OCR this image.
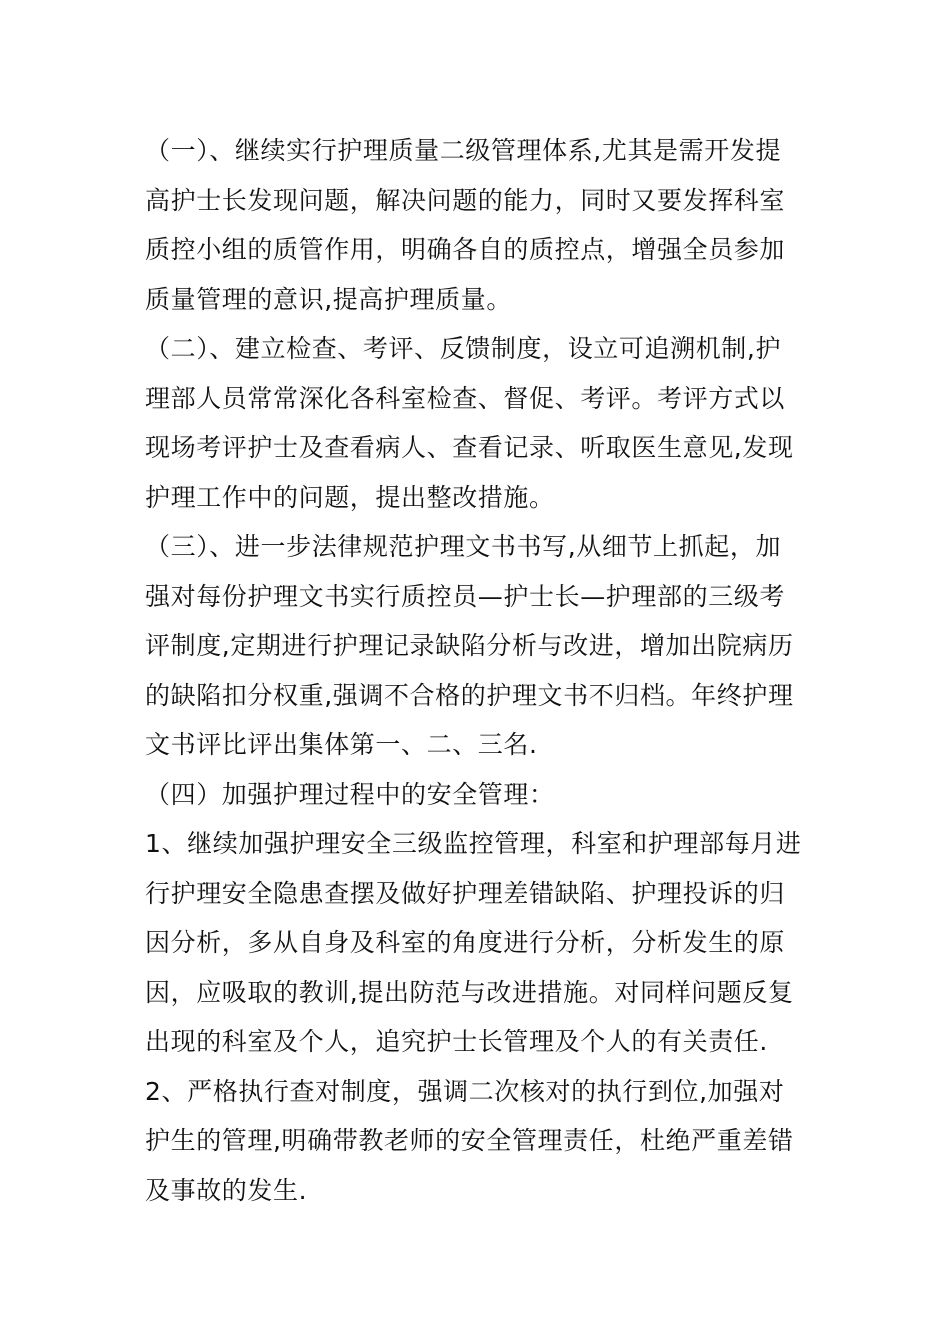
（一）、继续实行护理质量二级管理体系,尤其是需开发提高护士长发现问题，解决问题的能力，同时又要发挥科室质控小组的质管作用，明确各自的质控点，增强全员参加质量管理的意识,提高护理质量。

（二）、建立检查、考评、反馈制度，设立可追溯机制,护理部人员常常深化各科室检查、督促、考评。考评方式以现场考评护士及查看病人、查看记录、听取医生意见,发现护理工作中的问题，提出整改措施。

（三）、进一步法律规范护理文书书写,从细节上抓起，加强对每份护理文书实行质控员—护士长—护理部的三级考评制度,定期进行护理记录缺陷分析与改进，增加出院病历的缺陷扣分权重,强调不合格的护理文书不归档。年终护理文书评比评出集体第一、二、三名.

（四）加强护理过程中的安全管理：

1、继续加强护理安全三级监控管理，科室和护理部每月进行护理安全隐患查摆及做好护理差错缺陷、护理投诉的归因分析，多从自身及科室的角度进行分析，分析发生的原因，应吸取的教训,提出防范与改进措施。对同样问题反复出现的科室及个人，追究护士长管理及个人的有关责任.

2、严格执行查对制度，强调二次核对的执行到位,加强对护生的管理,明确带教老师的安全管理责任，杜绝严重差错及事故的发生.
